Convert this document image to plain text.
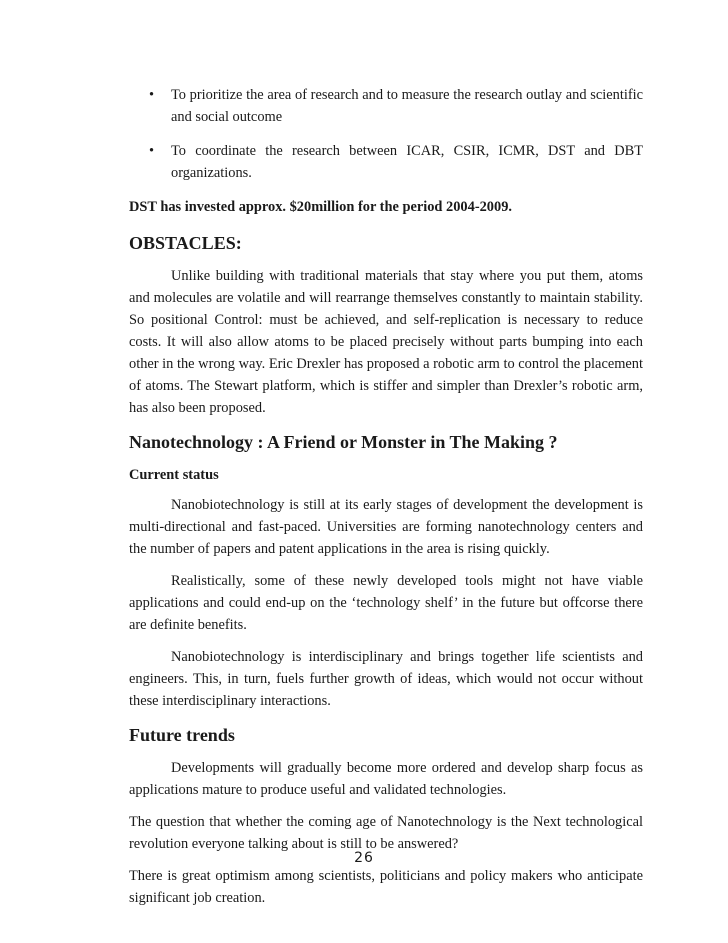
• To prioritize the area of research and to measure the research outlay and scientific and social outcome

• To coordinate the research between ICAR, CSIR, ICMR, DST and DBT organizations.

DST has invested approx. $20million for the period 2004-2009.

OBSTACLES:

Unlike building with traditional materials that stay where you put them, atoms and molecules are volatile and will rearrange themselves constantly to maintain stability. So positional Control: must be achieved, and self-replication is necessary to reduce costs. It will also allow atoms to be placed precisely without parts bumping into each other in the wrong way. Eric Drexler has proposed a robotic arm to control the placement of atoms. The Stewart platform, which is stiffer and simpler than Drexler’s robotic arm, has also been proposed.

Nanotechnology : A Friend or Monster in The Making ?
Current status

Nanobiotechnology is still at its early stages of development the development is multi-directional and fast-paced. Universities are forming nanotechnology centers and the number of papers and patent applications in the area is rising quickly.

Realistically, some of these newly developed tools might not have viable applications and could end-up on the ‘technology shelf’ in the future but offcorse there are definite benefits.

Nanobiotechnology is interdisciplinary and brings together life scientists and engineers. This, in turn, fuels further growth of ideas, which would not occur without these interdisciplinary interactions.

Future trends

Developments will gradually become more ordered and develop sharp focus as applications mature to produce useful and validated technologies.

The question that whether the coming age of Nanotechnology is the Next technological revolution everyone talking about is still to be answered?

There is great optimism among scientists, politicians and policy makers who anticipate significant job creation.

26
